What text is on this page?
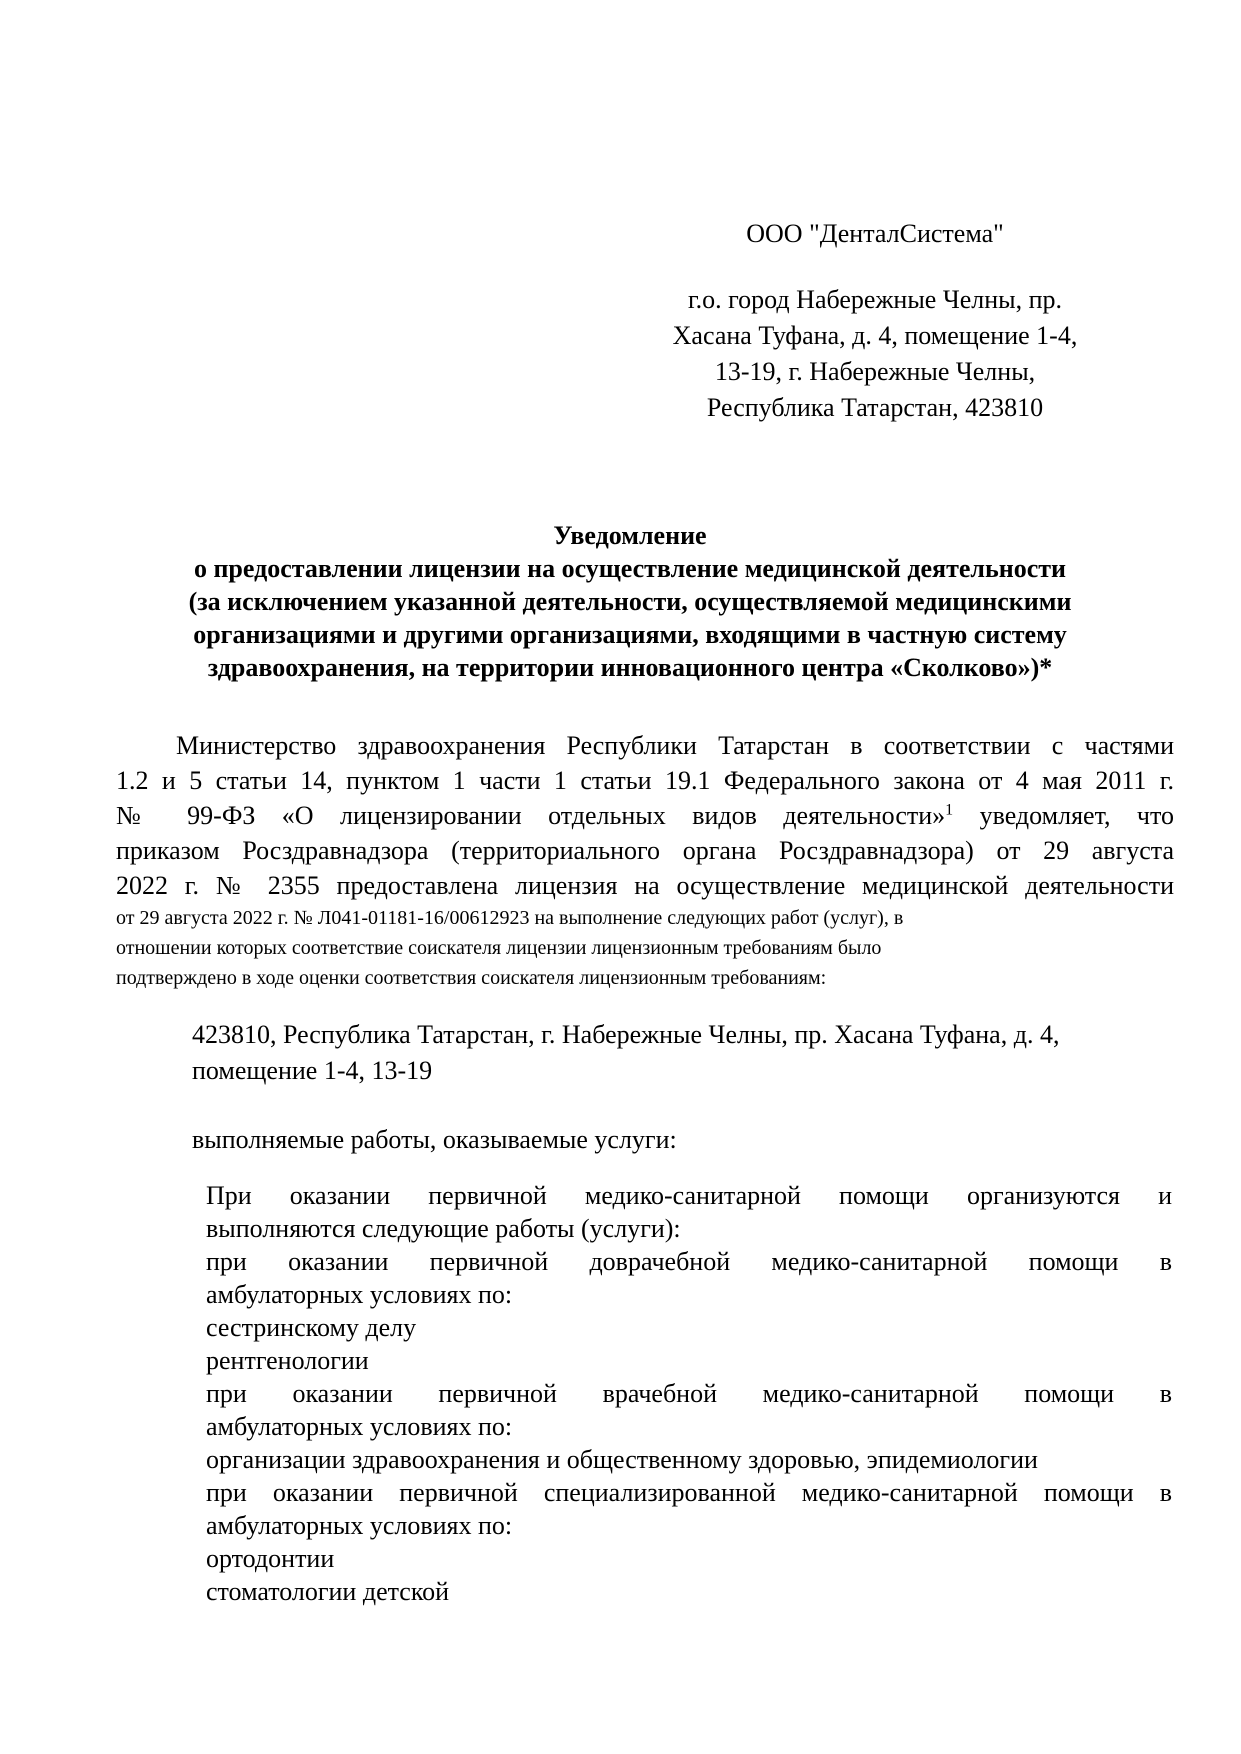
ООО "ДенталСистема"
г.о. город Набережные Челны, пр.
Хасана Туфана, д. 4, помещение 1-4,
13-19, г. Набережные Челны,
Республика Татарстан, 423810
Уведомление
о предоставлении лицензии на осуществление медицинской деятельности
(за исключением указанной деятельности, осуществляемой медицинскими
организациями и другими организациями, входящими в частную систему
здравоохранения, на территории инновационного центра «Сколково»)*
Министерство здравоохранения Республики Татарстан в соответствии с частями
1.2 и 5 статьи 14, пунктом 1 части 1 статьи 19.1 Федерального закона от 4 мая 2011 г.
№ 99-ФЗ «О лицензировании отдельных видов деятельности»$^1$ уведомляет, что
приказом Росздравнадзора (территориального органа Росздравнадзора) от 29 августа
2022 г. № 2355 предоставлена лицензия на осуществление медицинской деятельности
от 29 августа 2022 г. № Л041-01181-16/00612923 на выполнение следующих работ (услуг), в
отношении которых соответствие соискателя лицензии лицензионным требованиям было
подтверждено в ходе оценки соответствия соискателя лицензионным требованиям:
423810, Республика Татарстан, г. Набережные Челны, пр. Хасана Туфана, д. 4,
помещение 1-4, 13-19
выполняемые работы, оказываемые услуги:
При оказании первичной медико-санитарной помощи организуются и
выполняются следующие работы (услуги):
при оказании первичной доврачебной медико-санитарной помощи в
амбулаторных условиях по:
сестринскому делу
рентгенологии
при оказании первичной врачебной медико-санитарной помощи в
амбулаторных условиях по:
организации здравоохранения и общественному здоровью, эпидемиологии
при оказании первичной специализированной медико-санитарной помощи в
амбулаторных условиях по:
ортодонтии
стоматологии детской
